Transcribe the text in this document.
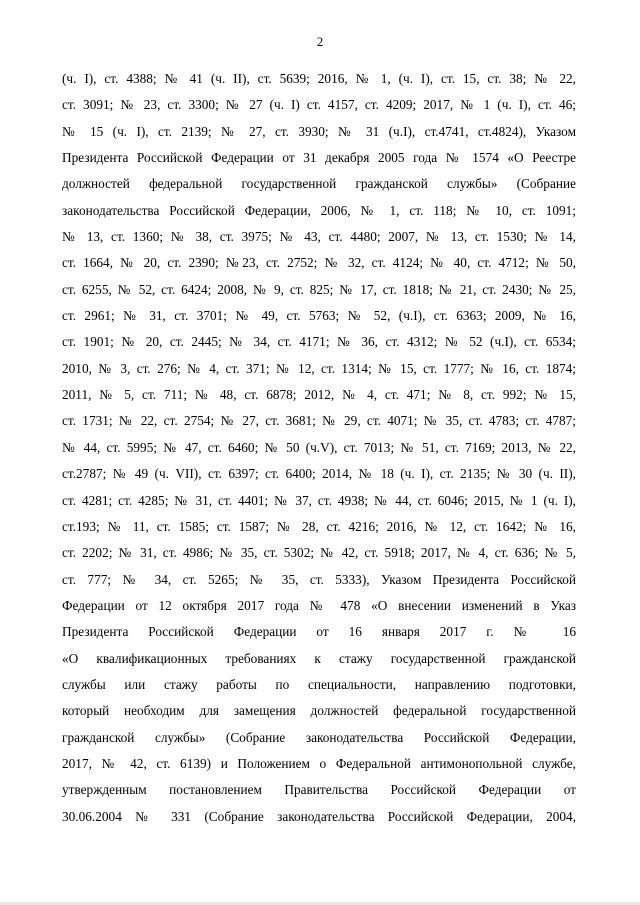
2
(ч. I), ст. 4388; № 41 (ч. II), ст. 5639; 2016, № 1, (ч. I), ст. 15, ст. 38; № 22,
ст. 3091; № 23, ст. 3300; № 27 (ч. I) ст. 4157, ст. 4209; 2017, № 1 (ч. I), ст. 46;
№ 15 (ч. I), ст. 2139; № 27, ст. 3930; № 31 (ч.I), ст.4741, ст.4824), Указом
Президента Российской Федерации от 31 декабря 2005 года № 1574 «О Реестре
должностей федеральной государственной гражданской службы» (Собрание
законодательства Российской Федерации, 2006, № 1, ст. 118; № 10, ст. 1091;
№ 13, ст. 1360; № 38, ст. 3975; № 43, ст. 4480; 2007, № 13, ст. 1530; № 14,
ст. 1664, № 20, ст. 2390; №23, ст. 2752; № 32, ст. 4124; № 40, ст. 4712; № 50,
ст. 6255, № 52, ст. 6424; 2008, № 9, ст. 825; № 17, ст. 1818; № 21, ст. 2430; № 25,
ст. 2961; № 31, ст. 3701; № 49, ст. 5763; № 52, (ч.I), ст. 6363; 2009, № 16,
ст. 1901; № 20, ст. 2445; № 34, ст. 4171; № 36, ст. 4312; № 52 (ч.I), ст. 6534;
2010, № 3, ст. 276; № 4, ст. 371; № 12, ст. 1314; № 15, ст. 1777; № 16, ст. 1874;
2011, № 5, ст. 711; № 48, ст. 6878; 2012, № 4, ст. 471; № 8, ст. 992; № 15,
ст. 1731; № 22, ст. 2754; № 27, ст. 3681; № 29, ст. 4071; № 35, ст. 4783; ст. 4787;
№ 44, ст. 5995; № 47, ст. 6460; № 50 (ч.V), ст. 7013; № 51, ст. 7169; 2013, № 22,
ст.2787; № 49 (ч. VII), ст. 6397; ст. 6400; 2014, № 18 (ч. I), ст. 2135; № 30 (ч. II),
ст. 4281; ст. 4285; № 31, ст. 4401; № 37, ст. 4938; № 44, ст. 6046; 2015, № 1 (ч. I),
ст.193; № 11, ст. 1585; ст. 1587; № 28, ст. 4216; 2016, № 12, ст. 1642; № 16,
ст. 2202; № 31, ст. 4986; № 35, ст. 5302; № 42, ст. 5918; 2017, № 4, ст. 636; № 5,
ст. 777; № 34, ст. 5265; № 35, ст. 5333), Указом Президента Российской
Федерации от 12 октября 2017 года № 478 «О внесении изменений в Указ
Президента Российской Федерации от 16 января 2017 г. № 16
«О квалификационных требованиях к стажу государственной гражданской
службы или стажу работы по специальности, направлению подготовки,
который необходим для замещения должностей федеральной государственной
гражданской службы» (Собрание законодательства Российской Федерации,
2017, № 42, ст. 6139) и Положением о Федеральной антимонопольной службе,
утвержденным постановлением Правительства Российской Федерации от
30.06.2004 № 331 (Собрание законодательства Российской Федерации, 2004,
